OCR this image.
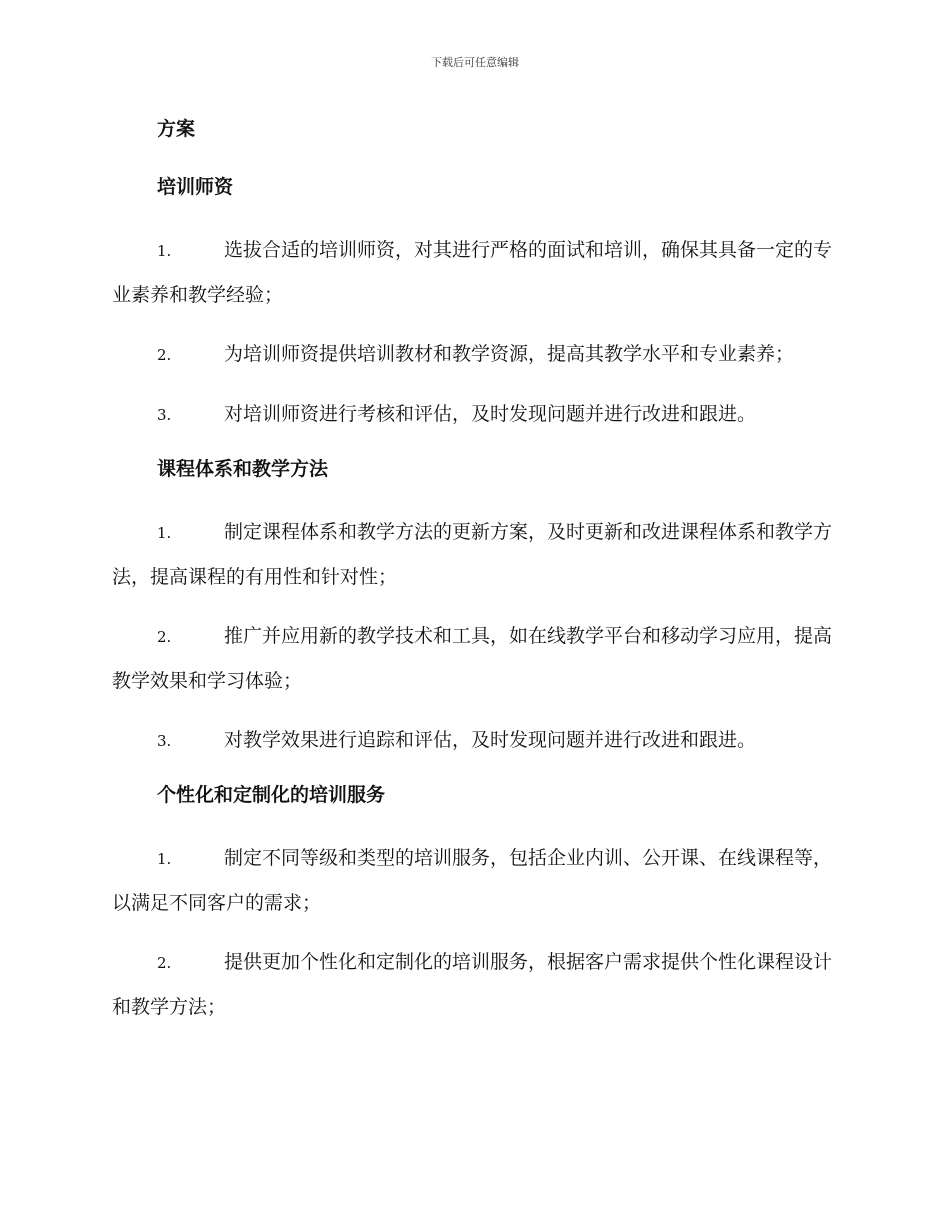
下载后可任意编辑
方案
培训师资

1.	选拔合适的培训师资，对其进行严格的面试和培训，确保其具备一定的专业素养和教学经验；

2.	为培训师资提供培训教材和教学资源，提高其教学水平和专业素养；

3.	对培训师资进行考核和评估，及时发现问题并进行改进和跟进。

课程体系和教学方法

1.	制定课程体系和教学方法的更新方案，及时更新和改进课程体系和教学方法，提高课程的有用性和针对性；

2.	推广并应用新的教学技术和工具，如在线教学平台和移动学习应用，提高教学效果和学习体验；

3.	对教学效果进行追踪和评估，及时发现问题并进行改进和跟进。

个性化和定制化的培训服务

1.	制定不同等级和类型的培训服务，包括企业内训、公开课、在线课程等，以满足不同客户的需求；

2.	提供更加个性化和定制化的培训服务，根据客户需求提供个性化课程设计和教学方法；
